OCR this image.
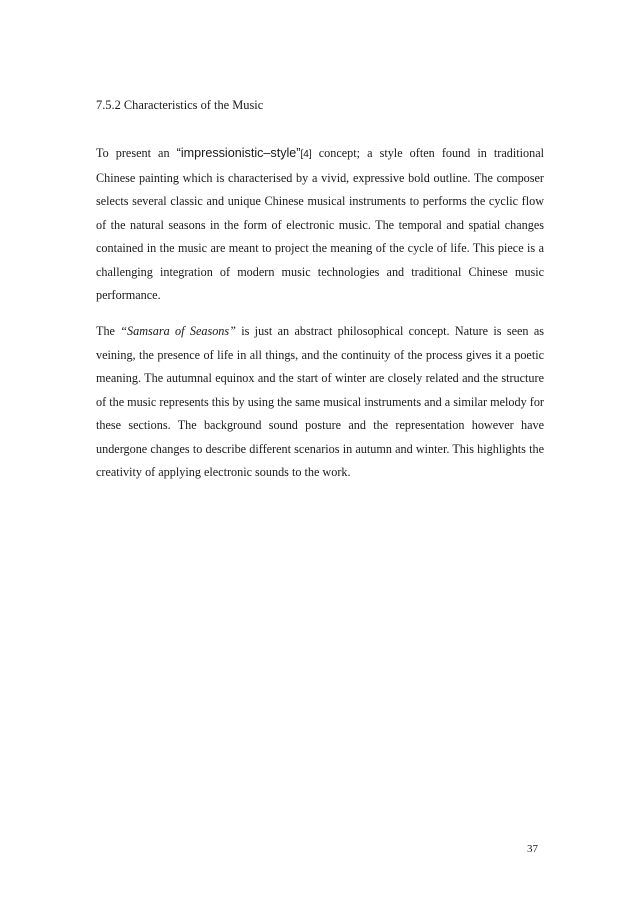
7.5.2 Characteristics of the Music

To present an “impressionistic–style”[4] concept; a style often found in traditional Chinese painting which is characterised by a vivid, expressive bold outline. The composer selects several classic and unique Chinese musical instruments to performs the cyclic flow of the natural seasons in the form of electronic music. The temporal and spatial changes contained in the music are meant to project the meaning of the cycle of life. This piece is a challenging integration of modern music technologies and traditional Chinese music performance.

The “Samsara of Seasons” is just an abstract philosophical concept. Nature is seen as veining, the presence of life in all things, and the continuity of the process gives it a poetic meaning. The autumnal equinox and the start of winter are closely related and the structure of the music represents this by using the same musical instruments and a similar melody for these sections. The background sound posture and the representation however have undergone changes to describe different scenarios in autumn and winter. This highlights the creativity of applying electronic sounds to the work.

37
